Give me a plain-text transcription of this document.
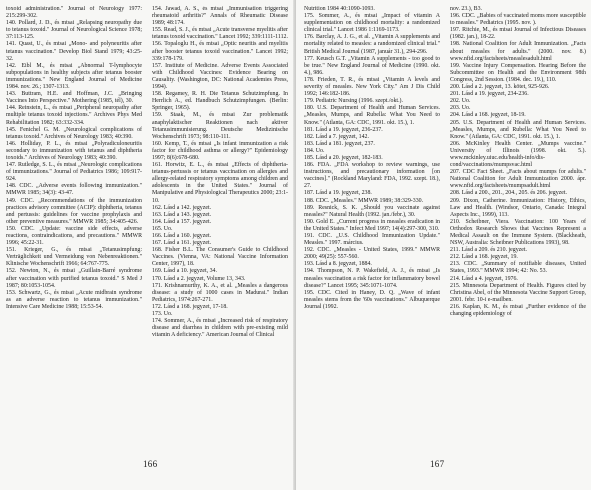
toxoid administration." Journal of Neurology 1977: 215:299-302.

140. Pollard, J. D., és mtsai „Relapsing neuropathy due to tetanus toxoid." Journal of Neurological Science 1978; 37:113-125.

141. Quast, U., és mtsai „Mono- and polyneuritis after tetanus vaccination." Develop Biol Stand 1979; 43:25-32.

142. Eibl M., és mtsai „Abnormal T-lymphocyte subpopulations in healthy subjects after tetanus booster immunizations." New England Journal of Medicine 1984. nov. 26.; 1307-1313.

143. Buttram, H.E. and Hoffman, J.C. „Bringing Vaccines Into Perspective." Mothering (1985, tél), 30.

144. Reinstein, L., és mtsai „Peripheral neuropathy after multiple tetanus toxoid injections." Archives Phys Med Rehabilitation 1982; 63:332-334.

145. Fenichel G. M. „Neurological complications of tetanus toxoid." Archives of Neurology 1983; 40:390.

146. Holliday, P. L., és mtsai „Polyradiculoneuritis secondary to immunization with tetanus and diphtheria toxoids." Archives of Neurology 1983; 40:390.

147. Rutledge, S. L., és mtsai „Neurologic complications of immunizations." Journal of Pediatrics 1986; 109:917-924.

148. CDC. „Adverse events following immunization." MMWR 1985; 34(3): 43-47.

149. CDC. „Recommendations of the immunization practices advisory committee (ACIP): diphtheria, tetanus and pertussis: guidelines for vaccine prophylaxis and other preventive measures." MMWR 1985; 34:405-426.

150. CDC. „Update: vaccine side effects, adverse reactions, contraindications, and precautions." MMWR 1996; 45:22-31.

151. Krieger, G., és mtsai „Tetanusimpfung: Verträglichkeit und Vermeidung von Nebenreaktionen." Klinische Wochenschrift 1966; 64:767-775.

152. Newton, N., és mtsai „Guillain-Barré syndrome after vaccination with purified tetanus toxoid." S Med J 1987; 80:1053-1054.

153. Schwartz, G., és mtsai „Acute midbrain syndrome as an adverse reaction to tetanus immunization." Intensive Care Medicine 1988; 15:53-54.

154. Jawad, A. S., és mtsai „Immunisation triggering rheumatoid arthritis?" Annals of Rheumatic Disease 1989; 48:174.

155. Read, S. J., és mtsai „Acute transverse myelitis after tetanus toxoid vaccination." Lancet 1992; 339:1111-1112.

156. Topaloglu H., és mtsai „Optic neuritis and myelitis after booster tetanus toxoid vaccination." Lancet 1992; 339:178-179.

157. Institute of Medicine. Adverse Events Associated with Childhood Vaccines: Evidence Bearing on Causality. (Washington, DC: National Academies Press, 1994).

158. Regamey, R. H. Die Tetanus Schutzimpfung. In Herrlich A., ed. Handbuch Schutzimpfungen. (Berlin: Springer, 1965).

159. Staak, M., és mtsai Zur problematik anaphylaktischer Reaktionen nach aktiver Tetanusimmunisierung. Deutsche Medizinische Wochenschrift 1973; 98:110-111.

160. Kemp, T., és mtsai „Is infant immunization a risk factor for childhood asthma or allergy?" Epidemiology 1997; 8(6):678-680.

161. Horwitz, E. L., és mtsai „Effects of diphtheria-tetanus-pertussis or tetanus vaccination on allergies and allergy-related respiratory symptoms among children and adolescents in the United States." Journal of Manipulative and Physiological Therapeutics 2000; 23:1-10.

162. Lásd a 142. jegyzet.

163. Lásd a 143. jegyzet.

164. Lásd a 157. jegyzet.

165. Uo.

166. Lásd a 160. jegyzet.

167. Lásd a 161. jegyzet.

168. Fisher B.L. The Consumer's Guide to Childhood Vaccines. (Vienna, VA: National Vaccine Information Center, 1997), 18.

169. Lásd a 10. jegyzet, 34.

170. Lásd a 2. jegyzet, Volume 13, 343.

171. Krishnamurthy, K. A., et al. „Measles a dangerous disease: a study of 1000 cases in Madurai." Indian Pediatrics, 1974:267-271.

172. Lásd a 168. jegyzet, 17-18.

173. Uo.

174. Sommer, A., és mtsai „Increased risk of respiratory disease and diarrhea in children with pre-existing mild vitamin A deficiency." American Journal of Clinical

166

Nutrition 1984 40:1090-1093.

175. Sommer, A., és mtsai „Impact of vitamin A supplementation on childhood mortality: a randomized clinical trial." Lancet 1986 1:1169-1173.

176. Barclay, A. J. G., et al. „Vitamin A supplements and mortality related to measles: a randomized clinical trial." British Medical Journal (1987, január 31.), 294-296.

177. Keusch G.T. „Vitamin A supplements - too good to be true." New England Journal of Medicine (1990. okt. 4.), 986.

178. Frieden, T. R., és mtsai „Vitamin A levels and severity of measles. New York City." Am J Dis Child 1992; 146:182-186.

179. Pediatric Nursing (1996. szept./okt.).

180. U.S. Department of Health and Human Services. „Measles, Mumps, and Rubella: What You Need to Know." (Atlanta, GA: CDC, 1991. okt. 15.), 1.

181. Lásd a 19. jegyzet, 236-237.

182. Lásd a 7. jegyzet, 142.

183. Lásd a 181. jegyzet, 237.

184. Uo.

185. Lásd a 20. jegyzet, 182-183.

186. FDA. „FDA workshop to review warnings, use instructions, and precautionary information [on vaccines]." (Rockland Maryland: FDA, 1992. szept. 18.), 27.

187. Lásd a 19. jegyzet, 238.

188. CDC. „Measles." MMWR 1989; 38:329-330.

189. Resnick, S. K. „Should you vaccinate against measles?" Natural Health (1992. jan./febr.), 30.

190. Gold E. „Current progress in measles eradication in the United States." Infect Med 1997; 14(4):297-300, 310.

191. CDC. „U.S. Childhood Immunization Update." Measles." 1997. március.

192. CDC. „Measles - United States, 1999." MMWR 2000; 49(25): 557-560.

193. Lásd a 8. jegyzet, 1884.

194. Thompson, N. P. Wakefield, A. J., és mtsai „Is measles vaccination a risk factor for inflammatory bowel disease?" Lancet 1995; 345:1071-1074.

195. CDC. Cited in Haney, D. Q. „Wave of infant measles stems from the '60s vaccinations." Albuquerque Journal (1992.

nov. 23.), B3.

196. CDC. „Babies of vaccinated moms more susceptible to measles." Pediatrics (1995. nov. ).

197. Ritchie, M., és mtsai Journal of Infectious Diseases (1982. jan.), 18-22.

198. National Coalition for Adult Immunization. „Facts about measles for adults." (2000. nov. 8.) www.nfid.org/factsheets/measlesadult.html

199. Vaccine Injury Compensation. Hearing Before the Subcommittee on Health and the Environment 98th Congress, 2nd Session. (1984. dec. 19.), 110.

200. Lásd a 2. jegyzet, 13. kötet, 925-926.

201. Lásd a 19. jegyzet, 234-236.

202. Uo.

203. Uo.

204. Lásd a 168. jegyzet, 18-19.

205. U.S. Department of Health and Human Services. „Measles, Mumps, and Rubella: What You Need to Know." (Atlanta, GA: CDC, 1991. okt. 15.), 1.

206. McKinley Health Center. „Mumps vaccine." University of Illinois (1998. okt. 5.). www.mckinley.uiuc.edu/health-info/dis-cond/vaccinations/mumpsvac.html

207. CDC Fact Sheet. „Facts about mumps for adults." National Coalition for Adult Immunization 2000. ápr. www.nfid.org/factsheets/mumpsadult.html

208. Lásd a 200., 201., 204., 205. és 206. jegyzet.

209. Dixon, Catherine. Immunization: History, Ethics, Law and Health. (Windsor, Ontario, Canada: Integral Aspects Inc., 1999), 113.

210. Scheibner, Viera. Vaccination: 100 Years of Orthodox Research Shows that Vaccines Represent a Medical Assault on the Immune System. (Blackheath, NSW, Australia: Scheibner Publications 1993), 98.

211. Lásd a 209. és 210. jegyzet.

212. Lásd a 168. jegyzet, 19.

213. CDC. „Summary of notifiable diseases, United States, 1993." MMWR 1994; 42: No. 53.

214. Lásd a 4. jegyzet, 1976.

215. Minnesota Department of Health. Figures cited by Christina Abel, of the Minnesota Vaccine Support Group, 2001. febr. 10-i e-mailben.

216. Kaplan, K. M., és mtsai „Further evidence of the changing epidemiology of

167
